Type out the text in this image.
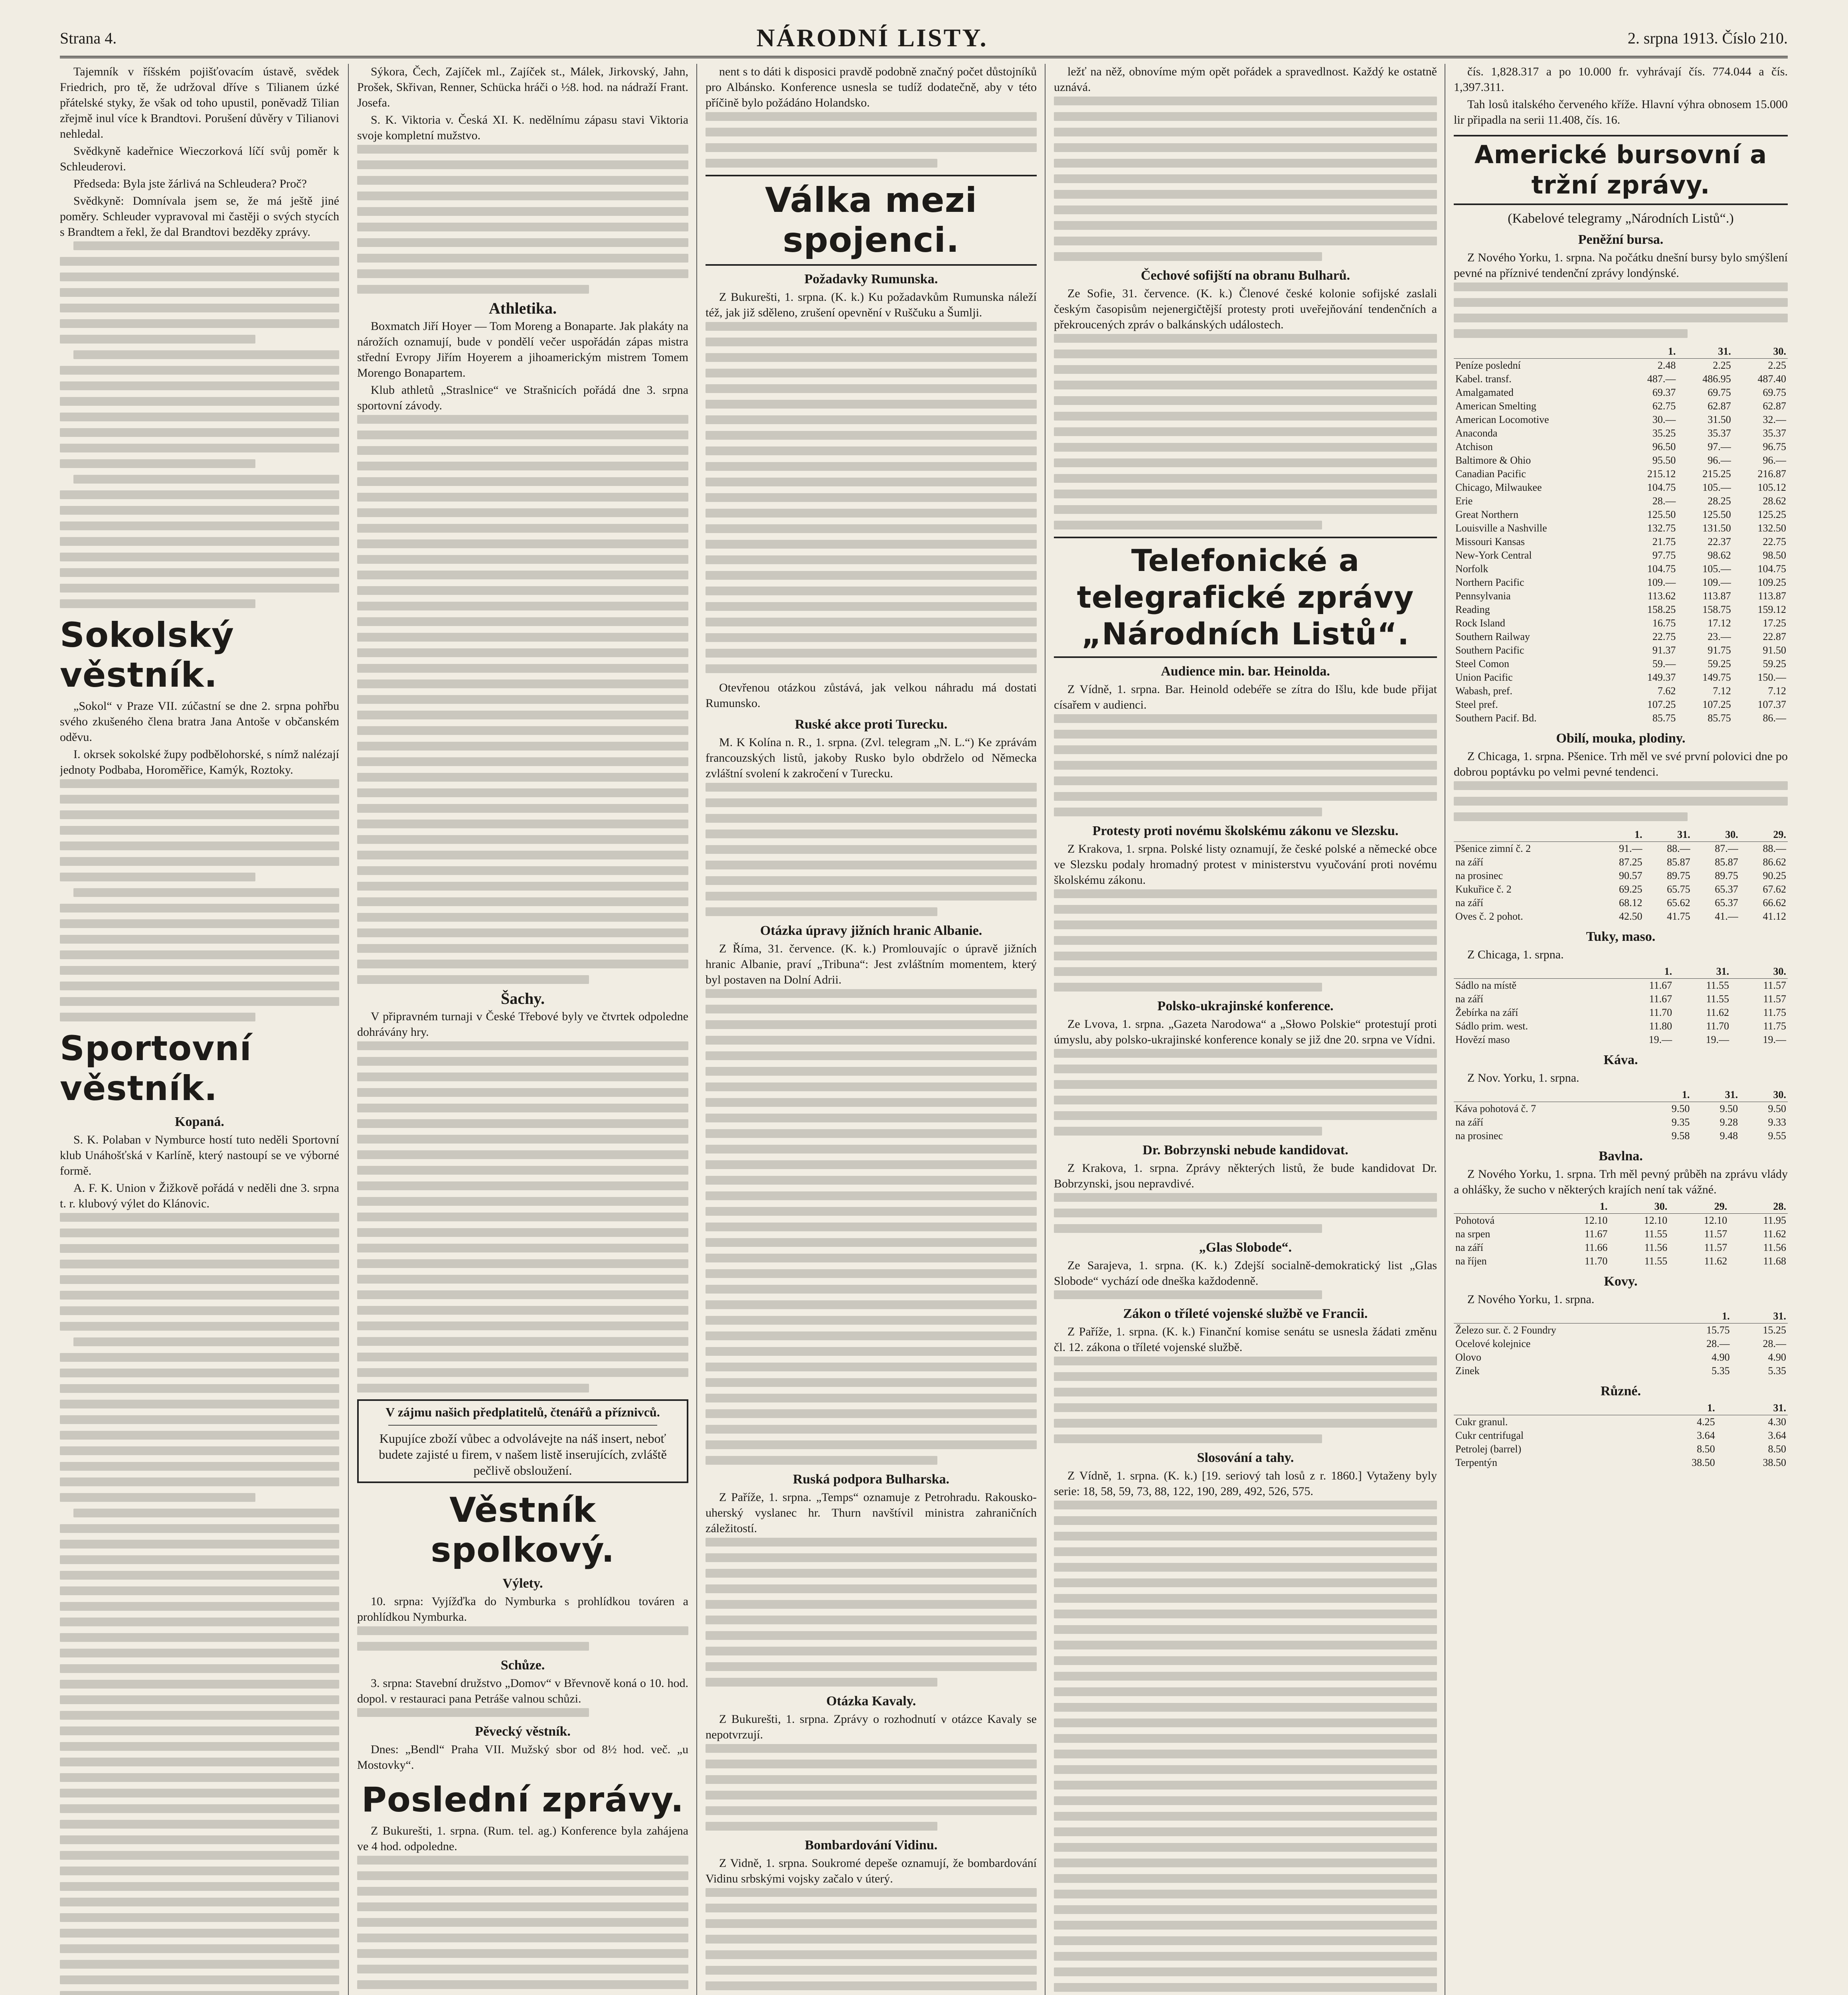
Strana 4.	NÁRODNÍ LISTY.	2. srpna 1913. Číslo 210.

Tajemník v říšském pojišťovacím ústavě, svědek Friedrich, pro tě, že udržoval dříve s Tilianem úzké přátelské styky, že však od toho upustil, poněvadž Tilian zřejmě inul více k Brandtovi. Porušení důvěry v Tilianovi nehledal.

Svědkyně kadeřnice Wieczorková líčí svůj poměr k Schleuderovi.

Předseda: Byla jste žárlivá na Schleudera? Proč?

Svědkyně: Domnívala jsem se, že má ještě jiné poměry. Schleuder vypravoval mi častěji o svých stycích s Brandtem a řekl, že dal Brandtovi bezděky zprávy.

Sokolský věstník.

„Sokol“ v Praze VII. zúčastní se dne 2. srpna pohřbu svého zkušeného člena bratra Jana Antoše v občanském oděvu.

I. okrsek sokolské župy podbělohorské, s nímž nalézají jednoty Podbaba, Horoměřice, Kamýk, Roztoky.

Sportovní věstník.
Kopaná.

S. K. Polaban v Nymburce hostí tuto neděli Sportovní klub Unáhošťská v Karlíně, který nastoupí se ve výborné formě.

A. F. K. Union v Žižkově pořádá v neděli dne 3. srpna t. r. klubový výlet do Klánovic.

Sýkora, Čech, Zajíček ml., Zajíček st., Málek, Jirkovský, Jahn, Prošek, Skřivan, Renner, Schücka hráči o ½8. hod. na nádraží Frant. Josefa.

S. K. Viktoria v. Česká XI. K. nedělnímu zápasu stavi Viktoria svoje kompletní mužstvo.

Athletika.

Boxmatch Jiří Hoyer — Tom Moreng a Bonaparte. Jak plakáty na nárožích oznamují, bude v pondělí večer uspořádán zápas mistra střední Evropy Jiřím Hoyerem a jihoamerickým mistrem Tomem Morengo Bonapartem.

Klub athletů „Straslnice“ ve Strašnicích pořádá dne 3. srpna sportovní závody.

Šachy.

V připravném turnaji v České Třebové byly ve čtvrtek odpoledne dohrávány hry.

V zájmu našich předplatitelů, čtenářů a příznivců.
Kupujíce zboží vůbec a odvolávejte na náš insert, neboť budete zajisté u firem, v našem listě inserujících, zvláště pečlivě obsloužení.
Věstník spolkový.
Výlety.

10. srpna: Vyjížďka do Nymburka s prohlídkou továren a prohlídkou Nymburka.

Schůze.

3. srpna: Stavební družstvo „Domov“ v Břevnově koná o 10. hod. dopol. v restauraci pana Petráše valnou schůzi.

Pěvecký věstník.

Dnes: „Bendl“ Praha VII. Mužský sbor od 8½ hod. več. „u Mostovky“.

Poslední zprávy.

Z Bukurešti, 1. srpna. (Rum. tel. ag.) Konference byla zahájena ve 4 hod. odpoledne.

nent s to dáti k disposici pravdě podobně značný počet důstojníků pro Albánsko. Konference usnesla se tudíž dodatečně, aby v této příčině bylo požádáno Holandsko.

Válka mezi spojenci.
Požadavky Rumunska.

Z Bukurešti, 1. srpna. (K. k.) Ku požadavkům Rumunska náleží též, jak již sděleno, zrušení opevnění v Ruščuku a Šumlji.

Otevřenou otázkou zůstává, jak velkou náhradu má dostati Rumunsko.

Ruské akce proti Turecku.

M. K Kolína n. R., 1. srpna. (Zvl. telegram „N. L.“) Ke zprávám francouzských listů, jakoby Rusko bylo obdrželo od Německa zvláštní svolení k zakročení v Turecku.

Otázka úpravy jižních hranic Albanie.

Z Říma, 31. července. (K. k.) Promlouvajíc o úpravě jižních hranic Albanie, praví „Tribuna“: Jest zvláštním momentem, který byl postaven na Dolní Adrii.

Ruská podpora Bulharska.

Z Paříže, 1. srpna. „Temps“ oznamuje z Petrohradu. Rakousko-uherský vyslanec hr. Thurn navštívil ministra zahraničních záležitostí.

Otázka Kavaly.

Z Bukurešti, 1. srpna. Zprávy o rozhodnutí v otázce Kavaly se nepotvrzují.

Bombardování Vidinu.

Z Vidně, 1. srpna. Soukromé depeše oznamují, že bombardování Vidinu srbskými vojsky začalo v úterý.

ležť na něž, obnovíme mým opět pořádek a spravedlnost. Každý ke ostatně uznává.

Čechové sofijští na obranu Bulharů.

Ze Sofie, 31. července. (K. k.) Členové české kolonie sofijské zaslali českým časopisům nejenergičtější protesty proti uveřejňování tendenčních a překroucených zpráv o balkánských událostech.

Telefonické a telegrafické zprávy „Národních Listů“.
Audience min. bar. Heinolda.

Z Vídně, 1. srpna. Bar. Heinold odebéře se zítra do Išlu, kde bude přijat císařem v audienci.

Protesty proti novému školskému zákonu ve Slezsku.

Z Krakova, 1. srpna. Polské listy oznamují, že české polské a německé obce ve Slezsku podaly hromadný protest v ministerstvu vyučování proti novému školskému zákonu.

Polsko-ukrajinské konference.

Ze Lvova, 1. srpna. „Gazeta Narodowa“ a „Słowo Polskie“ protestují proti úmyslu, aby polsko-ukrajinské konference konaly se již dne 20. srpna ve Vídni.

Dr. Bobrzynski nebude kandidovat.

Z Krakova, 1. srpna. Zprávy některých listů, že bude kandidovat Dr. Bobrzynski, jsou nepravdivé.

„Glas Slobode“.

Ze Sarajeva, 1. srpna. (K. k.) Zdejší socialně-demokratický list „Glas Slobode“ vychází ode dneška každodenně.

Zákon o tříleté vojenské službě ve Francii.

Z Paříže, 1. srpna. (K. k.) Finanční komise senátu se usnesla žádati změnu čl. 12. zákona o tříleté vojenské službě.

Slosování a tahy.

Z Vídně, 1. srpna. (K. k.) [19. seriový tah losů z r. 1860.] Vytaženy byly serie: 18, 58, 59, 73, 88, 122, 190, 289, 492, 526, 575.

čís. 1,828.317 a po 10.000 fr. vyhrávají čís. 774.044 a čís. 1,397.311.

Tah losů italského červeného kříže. Hlavní výhra obnosem 15.000 lir připadla na serii 11.408, čís. 16.

Americké bursovní a tržní zprávy.
(Kabelové telegramy „Národních Listů“.)
Peněžní bursa.

Z Nového Yorku, 1. srpna. Na počátku dnešní bursy bylo smýšlení pevné na příznivé tendenční zprávy londýnské.

	1.	31.	30.
Peníze poslední	2.48	2.25	2.25
Kabel. transf.	487.—	486.95	487.40
Amalgamated	69.37	69.75	69.75
American Smelting	62.75	62.87	62.87
American Locomotive	30.—	31.50	32.—
Anaconda	35.25	35.37	35.37
Atchison	96.50	97.—	96.75
Baltimore & Ohio	95.50	96.—	96.—
Canadian Pacific	215.12	215.25	216.87
Chicago, Milwaukee	104.75	105.—	105.12
Erie	28.—	28.25	28.62
Great Northern	125.50	125.50	125.25
Louisville a Nashville	132.75	131.50	132.50
Missouri Kansas	21.75	22.37	22.75
New-York Central	97.75	98.62	98.50
Norfolk	104.75	105.—	104.75
Northern Pacific	109.—	109.—	109.25
Pennsylvania	113.62	113.87	113.87
Reading	158.25	158.75	159.12
Rock Island	16.75	17.12	17.25
Southern Railway	22.75	23.—	22.87
Southern Pacific	91.37	91.75	91.50
Steel Comon	59.—	59.25	59.25
Union Pacific	149.37	149.75	150.—
Wabash, pref.	7.62	7.12	7.12
Steel pref.	107.25	107.25	107.37
Southern Pacif. Bd.	85.75	85.75	86.—
Obilí, mouka, plodiny.

Z Chicaga, 1. srpna. Pšenice. Trh měl ve své první polovici dne po dobrou poptávku po velmi pevné tendenci.

	1.	31.	30.	29.
Pšenice zimní č. 2	91.—	88.—	87.—	88.—
na září	87.25	85.87	85.87	86.62
na prosinec	90.57	89.75	89.75	90.25
Kukuřice č. 2	69.25	65.75	65.37	67.62
na září	68.12	65.62	65.37	66.62
Oves č. 2 pohot.	42.50	41.75	41.—	41.12
Tuky, maso.

Z Chicaga, 1. srpna.

	1.	31.	30.
Sádlo na místě	11.67	11.55	11.57
na září	11.67	11.55	11.57
Žebírka na září	11.70	11.62	11.75
Sádlo prim. west.	11.80	11.70	11.75
Hovězí maso	19.—	19.—	19.—
Káva.

Z Nov. Yorku, 1. srpna.

	1.	31.	30.
Káva pohotová č. 7	9.50	9.50	9.50
na září	9.35	9.28	9.33
na prosinec	9.58	9.48	9.55
Bavlna.

Z Nového Yorku, 1. srpna. Trh měl pevný průběh na zprávu vlády a ohlášky, že sucho v některých krajích není tak vážné.

	1.	30.	29.	28.
Pohotová	12.10	12.10	12.10	11.95
na srpen	11.67	11.55	11.57	11.62
na září	11.66	11.56	11.57	11.56
na říjen	11.70	11.55	11.62	11.68
Kovy.

Z Nového Yorku, 1. srpna.

	1.	31.
Železo sur. č. 2 Foundry	15.75	15.25
Ocelové kolejnice	28.—	28.—
Olovo	4.90	4.90
Zinek	5.35	5.35
Různé.
	1.	31.
Cukr granul.	4.25	4.30
Cukr centrifugal	3.64	3.64
Petrolej (barrel)	8.50	8.50
Terpentýn	38.50	38.50
